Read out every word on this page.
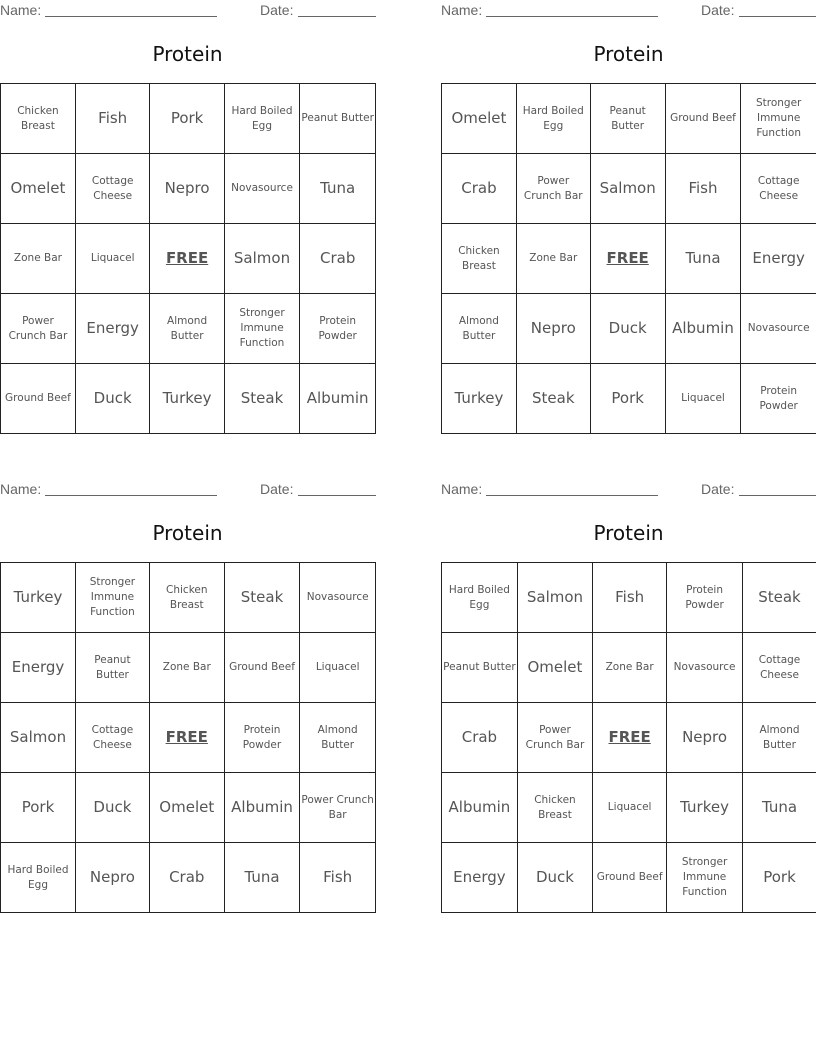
Name:	Date:
Protein
Chicken Breast	Fish	Pork	Hard Boiled Egg	Peanut Butter
Omelet	Cottage Cheese	Nepro	Novasource	Tuna
Zone Bar	Liquacel	FREE	Salmon	Crab
Power Crunch Bar	Energy	Almond Butter	Stronger Immune Function	Protein Powder
Ground Beef	Duck	Turkey	Steak	Albumin
Name:	Date:
Protein
Omelet	Hard Boiled Egg	Peanut Butter	Ground Beef	Stronger Immune Function
Crab	Power Crunch Bar	Salmon	Fish	Cottage Cheese
Chicken Breast	Zone Bar	FREE	Tuna	Energy
Almond Butter	Nepro	Duck	Albumin	Novasource
Turkey	Steak	Pork	Liquacel	Protein Powder
Name:	Date:
Protein
Turkey	Stronger Immune Function	Chicken Breast	Steak	Novasource
Energy	Peanut Butter	Zone Bar	Ground Beef	Liquacel
Salmon	Cottage Cheese	FREE	Protein Powder	Almond Butter
Pork	Duck	Omelet	Albumin	Power Crunch Bar
Hard Boiled Egg	Nepro	Crab	Tuna	Fish
Name:	Date:
Protein
Hard Boiled Egg	Salmon	Fish	Protein Powder	Steak
Peanut Butter	Omelet	Zone Bar	Novasource	Cottage Cheese
Crab	Power Crunch Bar	FREE	Nepro	Almond Butter
Albumin	Chicken Breast	Liquacel	Turkey	Tuna
Energy	Duck	Ground Beef	Stronger Immune Function	Pork
